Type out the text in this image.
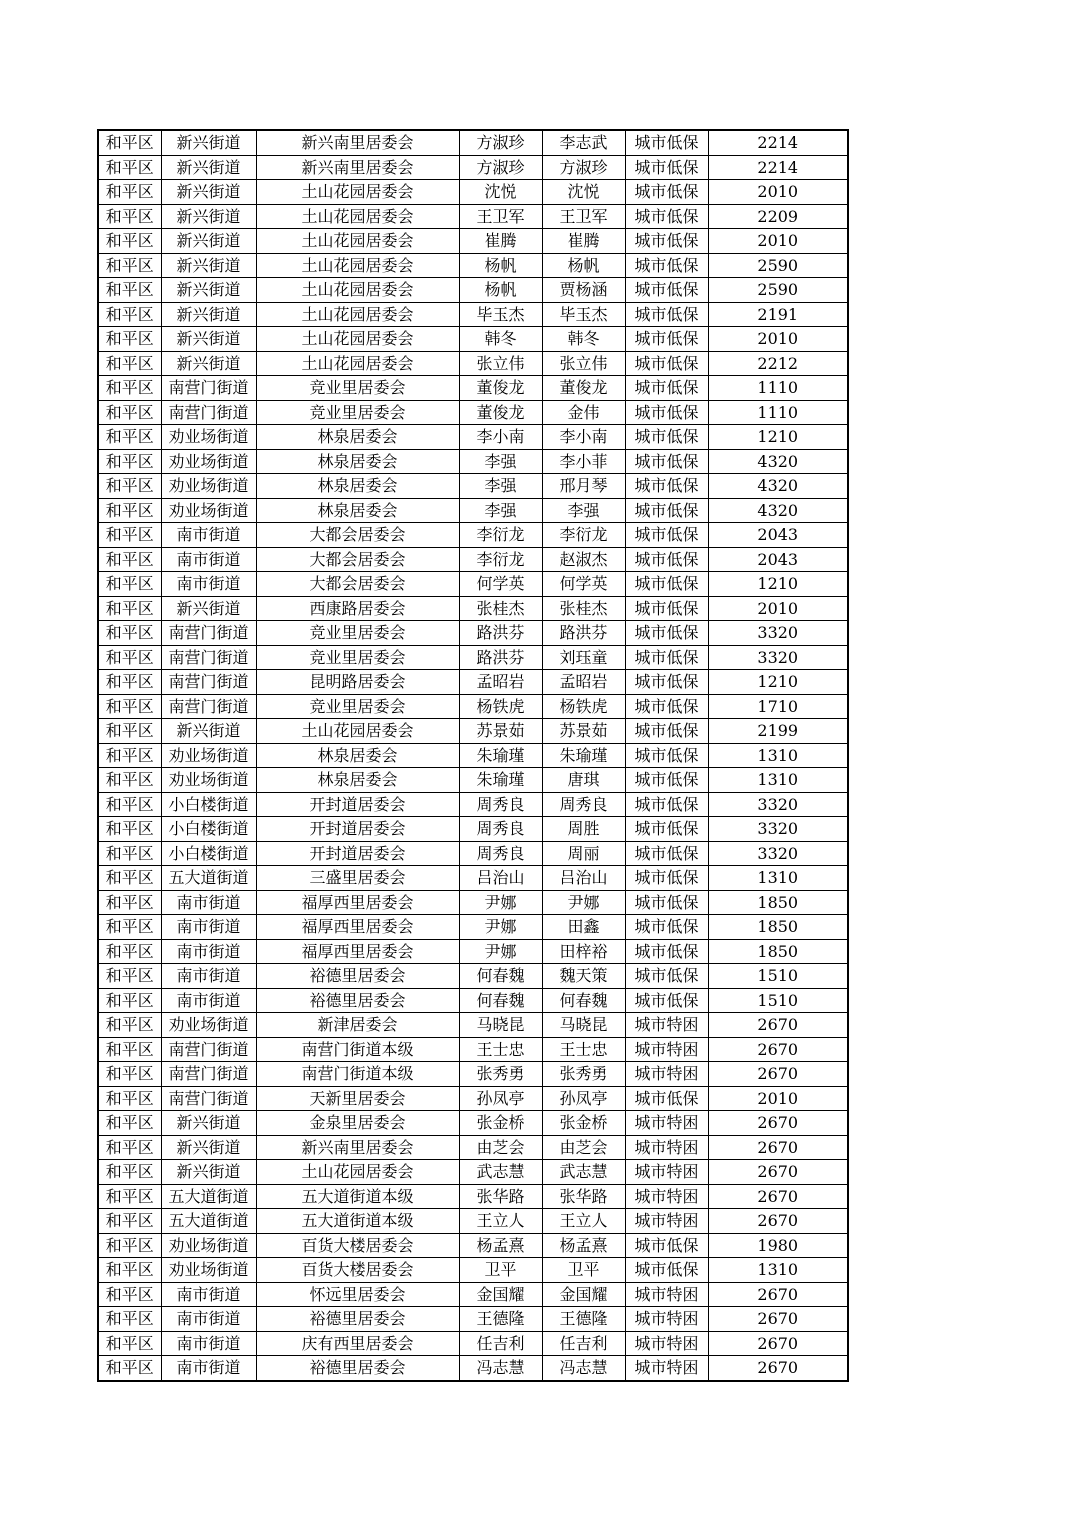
和平区	新兴街道	新兴南里居委会	方淑珍	李志武	城市低保	2214
和平区	新兴街道	新兴南里居委会	方淑珍	方淑珍	城市低保	2214
和平区	新兴街道	土山花园居委会	沈悦	沈悦	城市低保	2010
和平区	新兴街道	土山花园居委会	王卫军	王卫军	城市低保	2209
和平区	新兴街道	土山花园居委会	崔腾	崔腾	城市低保	2010
和平区	新兴街道	土山花园居委会	杨帆	杨帆	城市低保	2590
和平区	新兴街道	土山花园居委会	杨帆	贾杨涵	城市低保	2590
和平区	新兴街道	土山花园居委会	毕玉杰	毕玉杰	城市低保	2191
和平区	新兴街道	土山花园居委会	韩冬	韩冬	城市低保	2010
和平区	新兴街道	土山花园居委会	张立伟	张立伟	城市低保	2212
和平区	南营门街道	竞业里居委会	董俊龙	董俊龙	城市低保	1110
和平区	南营门街道	竞业里居委会	董俊龙	金伟	城市低保	1110
和平区	劝业场街道	林泉居委会	李小南	李小南	城市低保	1210
和平区	劝业场街道	林泉居委会	李强	李小菲	城市低保	4320
和平区	劝业场街道	林泉居委会	李强	邢月琴	城市低保	4320
和平区	劝业场街道	林泉居委会	李强	李强	城市低保	4320
和平区	南市街道	大都会居委会	李衍龙	李衍龙	城市低保	2043
和平区	南市街道	大都会居委会	李衍龙	赵淑杰	城市低保	2043
和平区	南市街道	大都会居委会	何学英	何学英	城市低保	1210
和平区	新兴街道	西康路居委会	张桂杰	张桂杰	城市低保	2010
和平区	南营门街道	竞业里居委会	路洪芬	路洪芬	城市低保	3320
和平区	南营门街道	竞业里居委会	路洪芬	刘珏童	城市低保	3320
和平区	南营门街道	昆明路居委会	孟昭岩	孟昭岩	城市低保	1210
和平区	南营门街道	竞业里居委会	杨铁虎	杨铁虎	城市低保	1710
和平区	新兴街道	土山花园居委会	苏景茹	苏景茹	城市低保	2199
和平区	劝业场街道	林泉居委会	朱瑜瑾	朱瑜瑾	城市低保	1310
和平区	劝业场街道	林泉居委会	朱瑜瑾	唐琪	城市低保	1310
和平区	小白楼街道	开封道居委会	周秀良	周秀良	城市低保	3320
和平区	小白楼街道	开封道居委会	周秀良	周胜	城市低保	3320
和平区	小白楼街道	开封道居委会	周秀良	周丽	城市低保	3320
和平区	五大道街道	三盛里居委会	吕治山	吕治山	城市低保	1310
和平区	南市街道	福厚西里居委会	尹娜	尹娜	城市低保	1850
和平区	南市街道	福厚西里居委会	尹娜	田鑫	城市低保	1850
和平区	南市街道	福厚西里居委会	尹娜	田梓裕	城市低保	1850
和平区	南市街道	裕德里居委会	何春魏	魏天策	城市低保	1510
和平区	南市街道	裕德里居委会	何春魏	何春魏	城市低保	1510
和平区	劝业场街道	新津居委会	马晓昆	马晓昆	城市特困	2670
和平区	南营门街道	南营门街道本级	王士忠	王士忠	城市特困	2670
和平区	南营门街道	南营门街道本级	张秀勇	张秀勇	城市特困	2670
和平区	南营门街道	天新里居委会	孙凤亭	孙凤亭	城市低保	2010
和平区	新兴街道	金泉里居委会	张金桥	张金桥	城市特困	2670
和平区	新兴街道	新兴南里居委会	由芝会	由芝会	城市特困	2670
和平区	新兴街道	土山花园居委会	武志慧	武志慧	城市特困	2670
和平区	五大道街道	五大道街道本级	张华路	张华路	城市特困	2670
和平区	五大道街道	五大道街道本级	王立人	王立人	城市特困	2670
和平区	劝业场街道	百货大楼居委会	杨孟熹	杨孟熹	城市低保	1980
和平区	劝业场街道	百货大楼居委会	卫平	卫平	城市低保	1310
和平区	南市街道	怀远里居委会	金国耀	金国耀	城市特困	2670
和平区	南市街道	裕德里居委会	王德隆	王德隆	城市特困	2670
和平区	南市街道	庆有西里居委会	任吉利	任吉利	城市特困	2670
和平区	南市街道	裕德里居委会	冯志慧	冯志慧	城市特困	2670
